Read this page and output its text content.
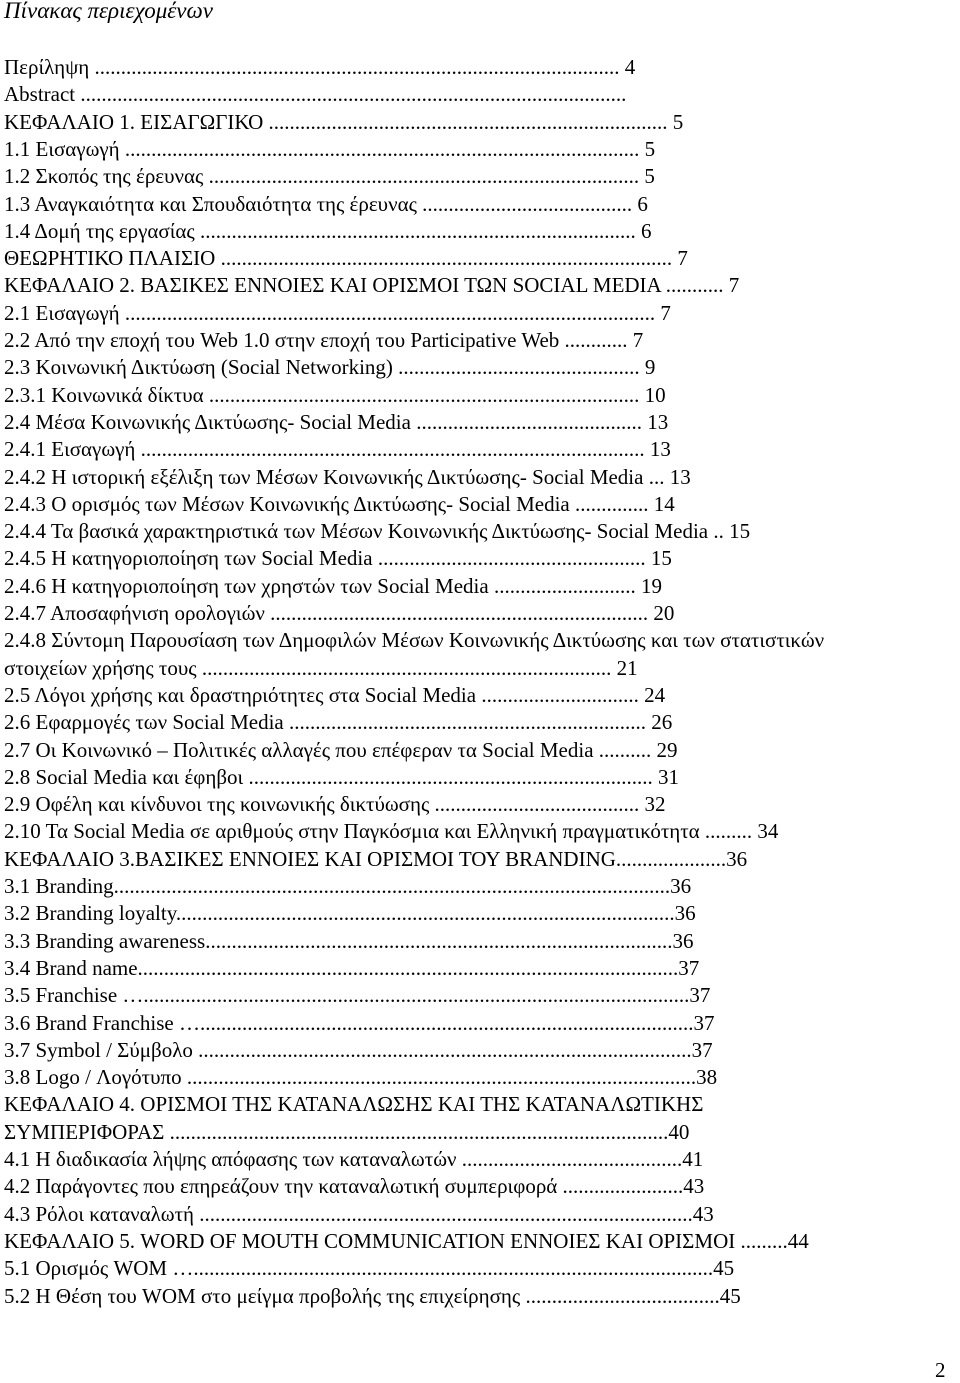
Πίνακας περιεχομένων
Περίληψη .................................................................................................... 4
Abstract ........................................................................................................
ΚΕΦΑΛΑΙΟ 1. ΕΙΣΑΓΩΓΙΚΟ ............................................................................ 5
1.1 Εισαγωγή .................................................................................................. 5
1.2 Σκοπός της έρευνας .................................................................................. 5
1.3 Αναγκαιότητα και Σπουδαιότητα της έρευνας ........................................ 6
1.4 Δομή της εργασίας ................................................................................... 6
ΘΕΩΡΗΤΙΚΟ ΠΛΑΙΣΙΟ ...................................................................................... 7
ΚΕΦΑΛΑΙΟ 2. ΒΑΣΙΚΕΣ ΕΝΝΟΙΕΣ ΚΑΙ ΟΡΙΣΜΟΙ ΤΩΝ SOCIAL MEDIA ........... 7
2.1 Εισαγωγή ..................................................................................................... 7
2.2 Από την εποχή του Web 1.0 στην εποχή του Participative Web ............ 7
2.3 Κοινωνική Δικτύωση (Social Networking) .............................................. 9
2.3.1 Κοινωνικά δίκτυα .................................................................................. 10
2.4 Μέσα Κοινωνικής Δικτύωσης- Social Media ........................................... 13
2.4.1 Εισαγωγή ................................................................................................ 13
2.4.2 Η ιστορική εξέλιξη των Μέσων Κοινωνικής Δικτύωσης- Social Media ... 13
2.4.3 Ο ορισμός των Μέσων Κοινωνικής Δικτύωσης- Social Media .............. 14
2.4.4 Τα βασικά χαρακτηριστικά των Μέσων Κοινωνικής Δικτύωσης- Social Media .. 15
2.4.5 Η κατηγοριοποίηση των Social Media ................................................... 15
2.4.6 Η κατηγοριοποίηση των χρηστών των Social Media ........................... 19
2.4.7 Αποσαφήνιση ορολογιών ........................................................................ 20
2.4.8 Σύντομη Παρουσίαση των Δημοφιλών Μέσων Κοινωνικής Δικτύωσης και των στατιστικών
στοιχείων χρήσης τους .............................................................................. 21
2.5 Λόγοι χρήσης και δραστηριότητες στα Social Media .............................. 24
2.6 Εφαρμογές των Social Media .................................................................... 26
2.7 Οι Κοινωνικό – Πολιτικές αλλαγές που επέφεραν τα Social Media .......... 29
2.8 Social Media και έφηβοι ............................................................................. 31
2.9 Οφέλη και κίνδυνοι της κοινωνικής δικτύωσης ....................................... 32
2.10 Τα Social Media σε αριθμούς στην Παγκόσμια και Ελληνική πραγματικότητα ......... 34
ΚΕΦΑΛΑΙΟ 3.ΒΑΣΙΚΕΣ ΕΝΝΟΙΕΣ ΚΑΙ ΟΡΙΣΜΟΙ ΤΟΥ BRANDING.....................36
3.1 Branding..........................................................................................................36
3.2 Branding loyalty...............................................................................................36
3.3 Branding awareness.........................................................................................36
3.4 Brand name.......................................................................................................37
3.5 Franchise …........................................................................................................37
3.6 Brand Franchise …..............................................................................................37
3.7 Symbol / Σύμβολο ..............................................................................................37
3.8 Logo / Λογότυπο .................................................................................................38
ΚΕΦΑΛΑΙΟ 4. ΟΡΙΣΜΟΙ ΤΗΣ ΚΑΤΑΝΑΛΩΣΗΣ ΚΑΙ ΤΗΣ ΚΑΤΑΝΑΛΩΤΙΚΗΣ
ΣΥΜΠΕΡΙΦΟΡΑΣ ...............................................................................................40
4.1 Η διαδικασία λήψης απόφασης των καταναλωτών ..........................................41
4.2 Παράγοντες που επηρεάζουν την καταναλωτική συμπεριφορά .......................43
4.3 Ρόλοι καταναλωτή ..............................................................................................43
ΚΕΦΑΛΑΙΟ 5. WORD OF MOUTH COMMUNICATION ΕΝΝΟΙΕΣ ΚΑΙ ΟΡΙΣΜΟΙ .........44
5.1 Ορισμός WOM …...................................................................................................45
5.2 Η Θέση του WOM στο μείγμα προβολής της επιχείρησης .....................................45
2
